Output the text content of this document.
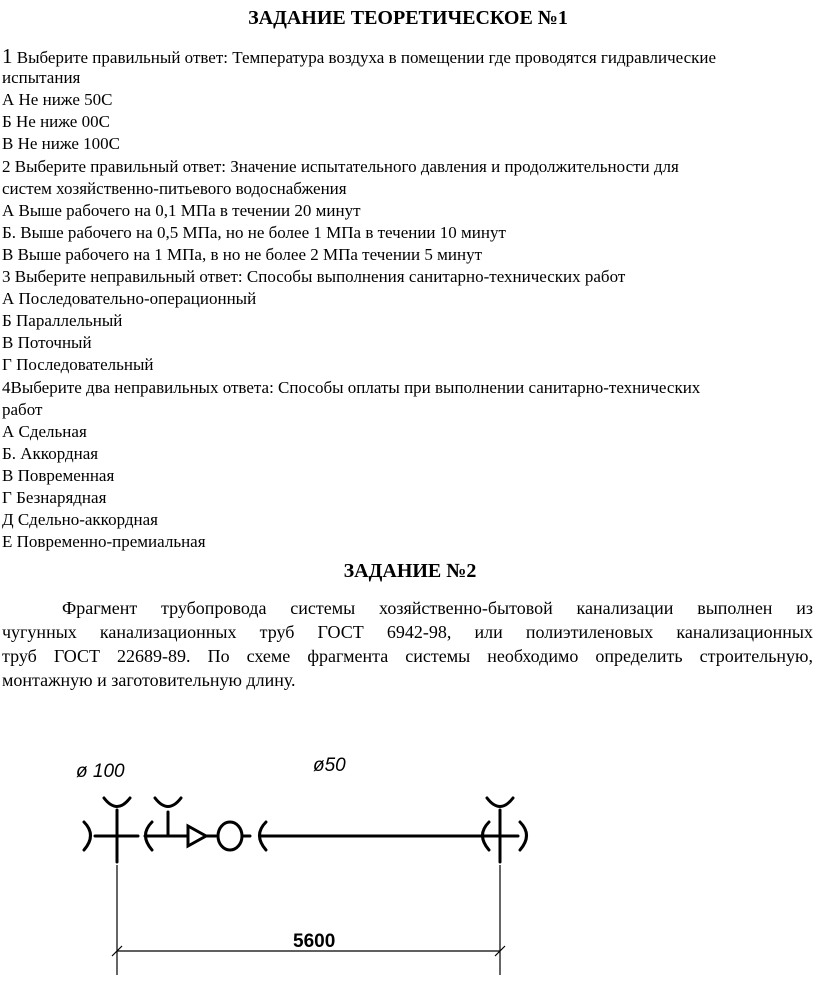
ЗАДАНИЕ ТЕОРЕТИЧЕСКОЕ №1

1 Выберите правильный ответ: Температура воздуха в помещении где проводятся гидравлические

испытания

А Не ниже 50С

Б Не ниже 00С

В Не ниже 100С

2 Выберите правильный ответ: Значение испытательного давления и продолжительности для

систем хозяйственно-питьевого водоснабжения

А Выше рабочего на 0,1 МПа в течении 20 минут

Б. Выше рабочего на 0,5 МПа, но не более 1 МПа в течении 10 минут

В Выше рабочего на 1 МПа, в но не более 2 МПа течении 5 минут

3 Выберите неправильный ответ: Способы выполнения санитарно-технических работ

А Последовательно-операционный

Б Параллельный

В Поточный

Г Последовательный

4Выберите два неправильных ответа: Способы оплаты при выполнении санитарно-технических

работ

А Сдельная

Б. Аккордная

В Повременная

Г Безнарядная

Д Сдельно-аккордная

Е Повременно-премиальная

ЗАДАНИЕ №2

Фрагмент трубопровода системы хозяйственно-бытовой канализации выполнен из
чугунных канализационных труб ГОСТ 6942-98, или полиэтиленовых канализационных
труб ГОСТ 22689-89. По схеме фрагмента системы необходимо определить строительную,
монтажную и заготовительную длину.

ø 100	ø50
5600
